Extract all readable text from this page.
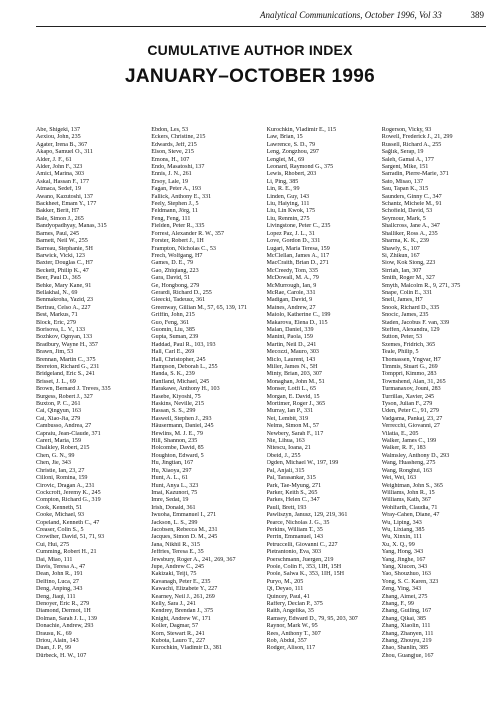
Analytical Communications, October 1996, Vol 33	389
CUMULATIVE AUTHOR INDEX
JANUARY–OCTOBER 1996
Abe, Shigeki, 137
Aexiou, John, 235
Agater, Irena B., 367
Akapo, Samuel O., 311
Alder, J. F., 61
Alder, John F., 323
Amici, Marina, 303
Askal, Hassan F., 177
Atmaca, Sedef, 19
Awano, Kazutoshi, 137
Backheet, Emam Y., 177
Bakker, Berit, H7
Bale, Simon J., 265
Bandyopadhyay, Manas, 315
Barnes, Paul, 245
Barnett, Neil W., 255
Barreau, Stephanie, 5H
Barwick, Vicki, 123
Baxter, Douglas C., H7
Beckett, Philip K., 47
Beer, Paul D., 365
Behke, Mary Kane, 91
Bellakhal, N., 69
Benmakroha, Yazid, 23
Bertrau, Celso A., 227
Best, Markus, 71
Block, Eric, 279
Borisova, L. V., 133
Bozhkov, Ognyan, 133
Bradbury, Wayne H., 357
Brawn, Jim, 53
Brennan, Martin C., 375
Brereton, Richard G., 231
Bridgeland, Eric S., 241
Brisset, J. L., 69
Brown, Bernard J. Treves, 335
Burgess, Robert J., 327
Buxton, P. C., 261
Cai, Qingyun, 163
Cai, Xiao-Jia, 279
Cambusso, Andrea, 27
Capraiu, Jean-Claude, 371
Careri, Maria, 159
Chalkley, Robert, 215
Chen, G. N., 99
Chen, Jie, 343
Christie, Ian, 23, 27
Cilloni, Romina, 159
Cirovic, Dragan A., 231
Cockcroft, Jeremy K., 245
Compton, Richard G., 319
Cook, Kenneth, 51
Cooke, Michael, 93
Copeland, Kenneth C., 47
Creaser, Colin S., 5
Crowther, David, 51, 71, 93
Cui, Hui, 275
Cumming, Robert H., 21
Dai, Miao, 111
Davis, Teresa A., 47
Dean, John R., 191
Delfino, Luca, 27
Deng, Anping, 343
Deng, Jiaqi, 111
Denoyer, Eric R., 279
Diamond, Dermot, 1H
Dolman, Sarah J. L., 139
Donachie, Andrew, 293
Drausu, K., 69
Driou, Alain, 143
Duan, J. P., 99
Dürbeck, H. W., 107
Ebdon, Les, 53
Eckers, Christine, 215
Edwards, Jeff, 215
Elson, Steve, 215
Emons, H., 107
Endo, Masatoshi, 137
Ennis, J. N., 261
Ersoy, Lale, 19
Fagan, Peter A., 193
Fallick, Anthony E., 331
Feely, Stephen J., 5
Feldmann, Jörg, 11
Feng, Feng, 111
Fielden, Peter R., 335
Forrest, Alexander R. W., 357
Forster, Robert J., 1H
Frampton, Nicholas C., 53
Frech, Wolfgang, H7
Games, D. E., 79
Gao, Zhiqiang, 223
Gara, David, 51
Ge, Hongbong, 279
Gerardi, Richard D., 255
Gieecki, Tadeusz, 361
Greenway, Gillian M., 57, 65, 139, 171
Griffin, John, 215
Guo, Feng, 361
Guomin, Liu, 385
Gupta, Suman, 239
Haddad, Paul R., 103, 193
Hall, Carl E., 269
Hall, Christopher, 245
Hampson, Deborah L., 255
Handa, S. K., 239
Hanfland, Michael, 245
Harakawe, Anthony H., 103
Hasebe, Kiyoshi, 75
Haskins, Neville, 215
Hassan, S. S., 299
Haswell, Stephen J., 293
Häusermann, Daniel, 245
Hewlins, M. J. E., 79
Hill, Shannon, 235
Holcombe, David, 85
Houghton, Edward, 5
Hu, Jingtian, 167
Hu, Xiaoya, 297
Hunt, A. L., 61
Hunt, Anya L., 323
Imai, Kazunori, 75
Imre, Sedat, 19
Irish, Donald, 361
Iwuoha, Emmanuel I., 271
Jackson, L. S., 299
Jacobsen, Rebecca M., 231
Jacques, Simon D. M., 245
Jana, Nikhil R., 315
Jeffries, Teresa E., 35
Jewsbury, Roger A., 241, 269, 367
Jupe, Andrew C., 245
Kakizaki, Teiji, 75
Kavanagh, Peter E., 235
Kawachi, Elizabete Y., 227
Kearney, Neil J., 261, 269
Kelly, Sara J., 241
Kendrey, Brendan J., 375
Knight, Andrew W., 171
Koller, Dagmar, 57
Korn, Stewart R., 241
Kubota, Lauro T., 227
Kurochkin, Vladimir D., 381
Kurochkin, Vladimir E., 115
Law, Brian, 15
Lawrence, S. D., 79
Leng, Zongzhou, 297
Lenglet, M., 69
Leonard, Raymond G., 375
Lewis, Rhobert, 203
Li, Ping, 385
Lin, R. E., 99
Linden, Guy, 143
Liu, Haiying, 111
Liu, Lin Kwok, 175
Liu, Renmin, 275
Livingstone, Peter C., 235
Lopez Paz, J. L., 31
Love, Gordon D., 331
Lugari, Maria Teresa, 159
McClellan, James A., 117
MacCraith, Brian D., 271
McCreedy, Tom, 335
McDowall, M. A., 79
McMurrough, Ian, 9
McRae, Carole, 331
Madigan, David, 9
Maines, Andrew, 27
Maiolo, Katherine C., 199
Makarova, Elena D., 115
Malan, Daniel, 339
Manini, Paola, 159
Martin, Neil D., 241
Mecozzi, Mauro, 303
Miclo, Laurent, 143
Miller, James N., 5H
Minty, Brian, 203, 307
Monaghan, John M., 51
Monser, Lotfi L., 65
Morgan, E. David, 15
Mortimer, Roger J., 365
Murray, Ian P., 331
Nei, Lembit, 319
Nelms, Simon M., 57
Newbery, Sarah F., 117
Nie, Lihua, 163
Nitescu, Ioana, 21
Obeid, J., 255
Ogden, Michael W., 197, 199
Pal, Anjali, 315
Pal, Tarasankar, 315
Park, Tae-Myung, 271
Parker, Keith S., 265
Parkes, Helen C., 347
Paull, Brett, 193
Pawliszyn, Janusz, 129, 219, 361
Pearce, Nicholas J. G., 35
Perkins, William T., 35
Perrin, Emmanuel, 143
Petruccelli, Giovanni C., 227
Pietrantonio, Eva, 303
Poerschmann, Juergen, 219
Poole, Colin F., 353, 1IH, 15H
Poole, Salwa K., 353, 1IH, 15H
Puryo, M., 205
Qi, Deyao, 111
Quincey, Paul, 41
Raffery, Declan P., 375
Raith, Angelika, 35
Ramsey, Edward D., 79, 95, 203, 307
Raynor, Mark W., 95
Rees, Anthony T., 307
Rob, Abdul, 357
Rodger, Alison, 117
Rogerson, Vicky, 93
Rowell, Frederick J., 21, 299
Russell, Richard A., 255
Sağlık, Serap, 19
Saleh, Gamal A., 177
Sargent, Mike, 151
Sarradin, Pierre-Marie, 371
Sato, Misao, 137
Sau, Tapan K., 315
Saunders, Ginny C., 347
Schantz, Michele M., 91
Schofield, David, 53
Seymour, Mark, 5
Shallcross, Jane A., 347
Shalliker, Ross A., 235
Sharma, K. K., 239
Shawly, S., 107
Si, Zhikun, 167
Siow, Kok Siong, 223
Sirriah, Ian, 307
Smith, Roger M., 327
Smyth, Malcolm R., 9, 271, 375
Snape, Colin E., 331
Snell, James, H7
Snook, Richard D., 335
Snocic, James, 235
Staden, Jacobus F. van, 339
Steffen, Alexandra, 129
Sutton, Peter, 53
Szemes, Fridrich, 365
Teale, Philip, 5
Thomassen, Yngvar, H7
Timmis, Stuart G., 269
Tomppri, Kimmo, 283
Townshend, Alan, 31, 265
Turmanaxov, Jouni, 283
Turrillas, Xavier, 245
Tyson, Julian F., 279
Uden, Peter C., 91, 279
Vadgama, Pankaj, 23, 27
Verrecchi, Giovanni, 27
Vilatia, E., 205
Walker, James C., 199
Walker, R. F., 183
Walmsley, Anthony D., 293
Wang, Huasheng, 275
Wang, Ronghui, 163
Wei, Wei, 163
Weightman, John S., 365
Williams, John R., 15
Williams, Kath, 367
Wohlfarth, Claudia, 71
Wray-Cahen, Diane, 47
Wu, Liping, 343
Wu, Lixiang, 385
Wu, Xinxin, 111
Xu, X. Q., 99
Yang, Hong, 343
Yang, Jinghe, 167
Yang, Xiucen, 343
Yao, Shouzhuo, 163
Yong, S. C. Karen, 323
Zeng, Ying, 343
Zhang, Aimei, 275
Zhang, F., 99
Zhang, Guiling, 167
Zhang, Qikai, 385
Zhang, Xiaolin, 111
Zhang, Zhanyen, 111
Zhang, Zhouyu, 219
Zhao, Shanlin, 385
Zhou, Guangjue, 167
